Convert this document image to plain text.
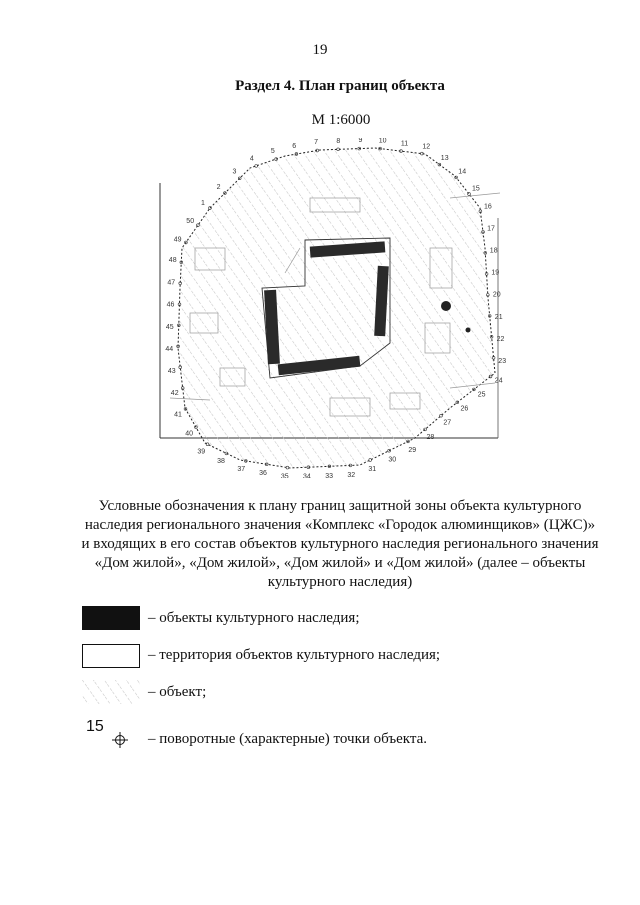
19
Раздел 4. План границ объекта
М 1:6000
1
2
3
4
5
6
7	8	9 10 11 12
13
14
15
16
17
18
19
20
21
22
23
24
25
26
27
28
29
30
31
32
33
34
35
36
37
38
39
40
41
42
43
44
45
46
47
48
49
50
Условные обозначения к плану границ защитной зоны объекта культурного
наследия регионального значения «Комплекс «Городок алюминщиков» (ЦЖС)»
и входящих в его состав объектов культурного наследия регионального значения
«Дом жилой», «Дом жилой», «Дом жилой» и «Дом жилой» (далее – объекты
культурного наследия)
– объекты культурного наследия;
– территория объектов культурного наследия;
– объект;
15
– поворотные (характерные) точки объекта.
